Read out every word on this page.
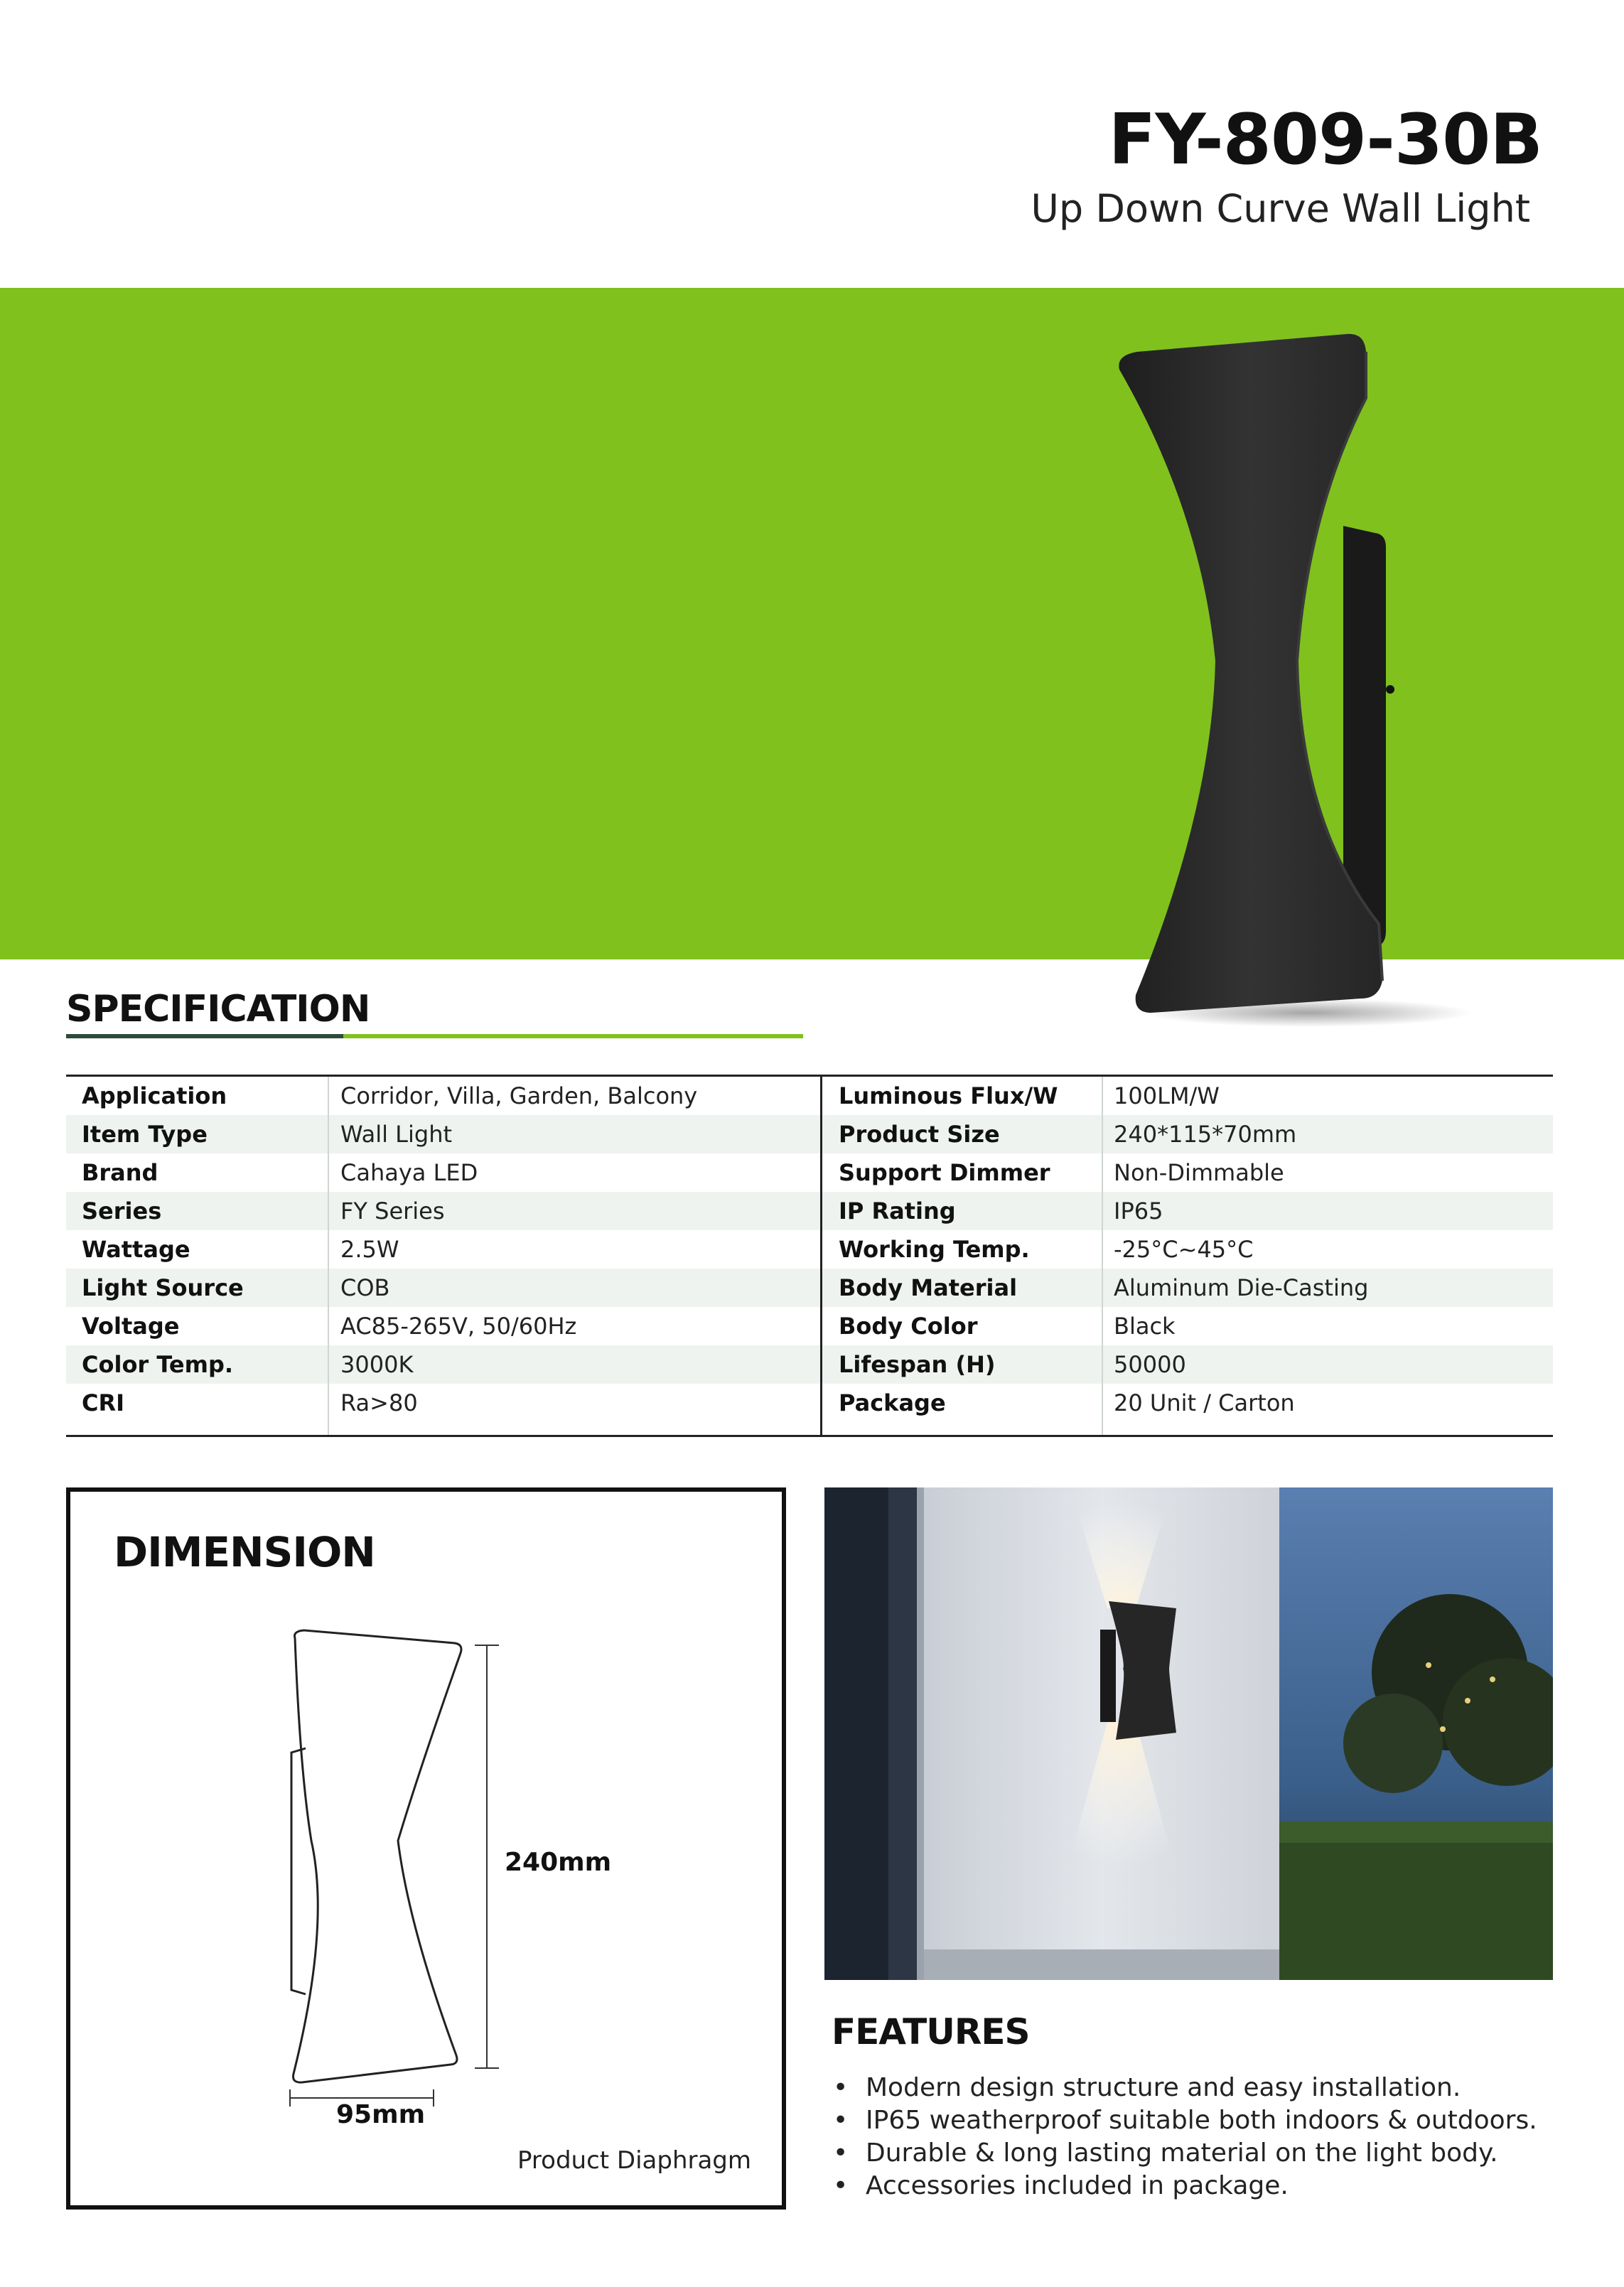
FY-809-30B
Up Down Curve Wall Light
SPECIFICATION
Application	Corridor, Villa, Garden, Balcony	Luminous Flux/W 100LM/W
Item Type	Wall Light	Product Size	240*115*70mm
Brand	Cahaya LED	Support Dimmer	Non-Dimmable
Series	FY Series	IP Rating	IP65
Wattage	2.5W	Working Temp.	-25°C~45°C
Light Source	COB	Body Material	Aluminum Die-Casting
Voltage	AC85-265V, 50/60Hz	Body Color	Black
Color Temp.	3000K	Lifespan (H)	50000
CRI	Ra>80	Package	20 Unit / Carton
DIMENSION
240mm
95mm
Product Diaphragm
FEATURES
• Modern design structure and easy installation.
• IP65 weatherproof suitable both indoors & outdoors.
• Durable & long lasting material on the light body.
• Accessories included in package.
